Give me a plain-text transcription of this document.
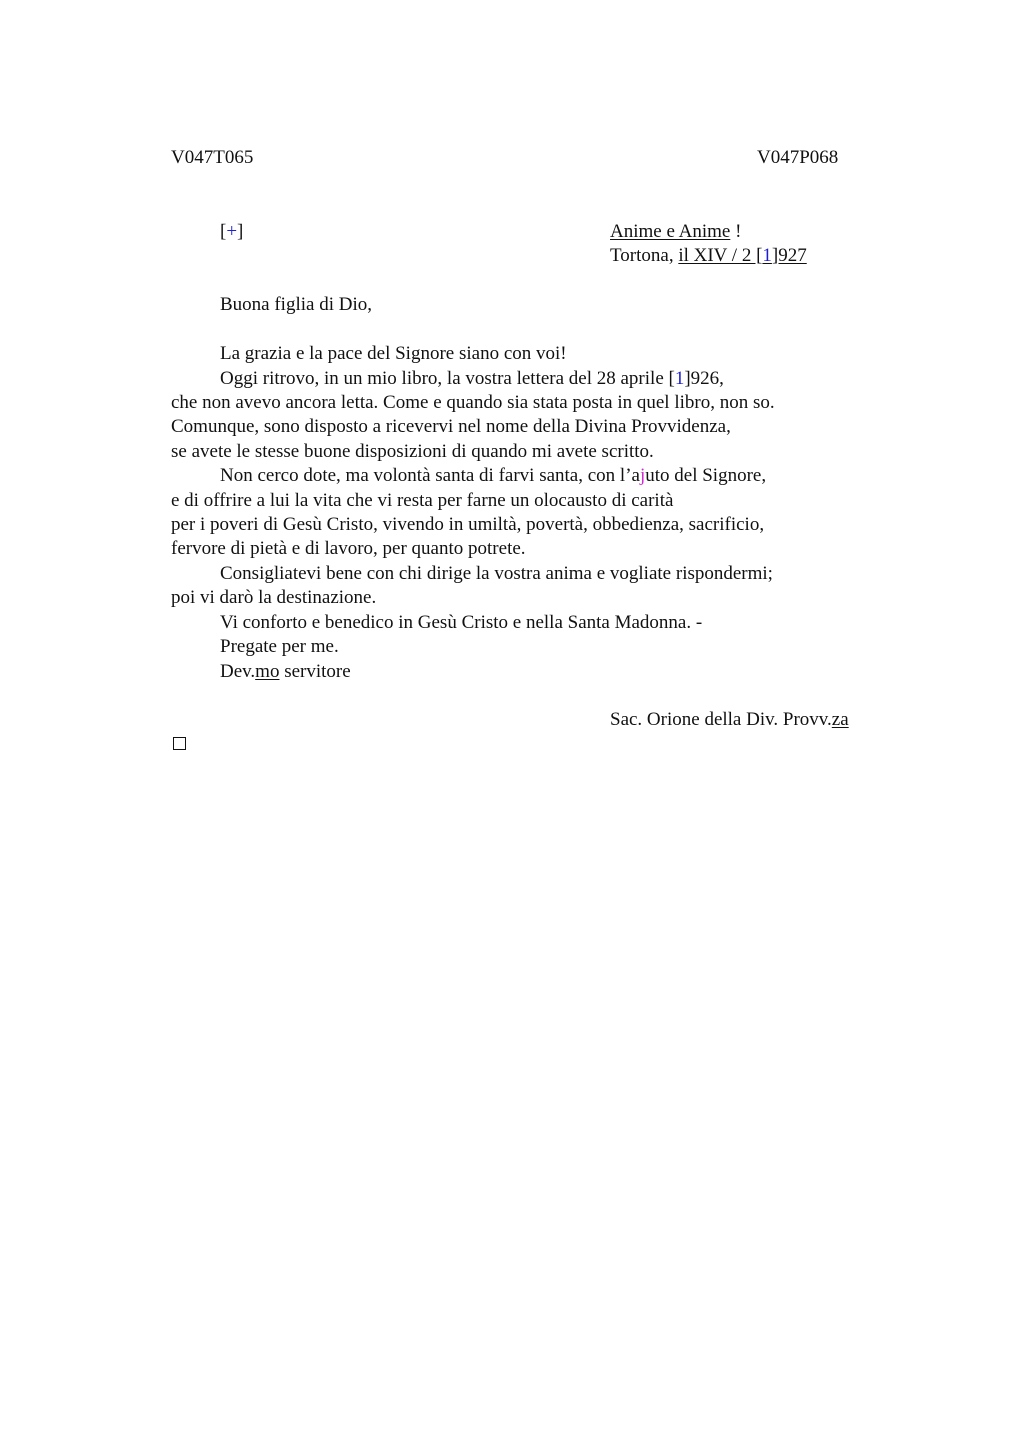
V047T065	V047P068
[+]	Anime e Anime !
Tortona, il XIV / 2 [1]927
Buona figlia di Dio,
La grazia e la pace del Signore siano con voi!
Oggi ritrovo, in un mio libro, la vostra lettera del 28 aprile [1]926,
che non avevo ancora letta. Come e quando sia stata posta in quel libro, non so.
Comunque, sono disposto a ricevervi nel nome della Divina Provvidenza,
se avete le stesse buone disposizioni di quando mi avete scritto.
Non cerco dote, ma volontà santa di farvi santa, con l’ajuto del Signore,
e di offrire a lui la vita che vi resta per farne un olocausto di carità
per i poveri di Gesù Cristo, vivendo in umiltà, povertà, obbedienza, sacrificio,
fervore di pietà e di lavoro, per quanto potrete.
Consigliatevi bene con chi dirige la vostra anima e vogliate rispondermi;
poi vi darò la destinazione.
Vi conforto e benedico in Gesù Cristo e nella Santa Madonna. -
Pregate per me.
Dev.mo servitore
Sac. Orione della Div. Provv.za
